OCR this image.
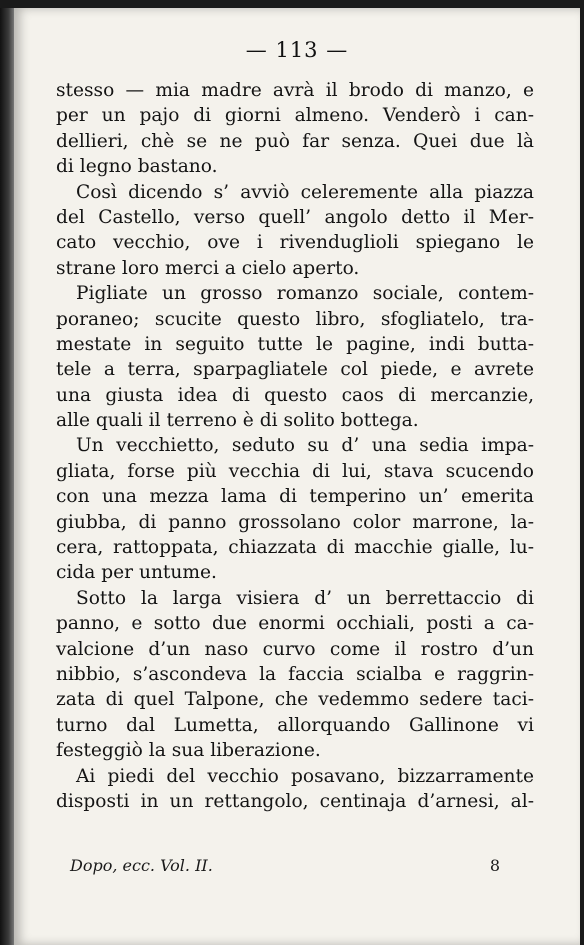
— 113 —
stesso — mia madre avrà il brodo di manzo, e
per un pajo di giorni almeno. Venderò i can-
dellieri, chè se ne può far senza. Quei due là
di legno bastano.
Così dicendo s’ avviò celeremente alla piazza
del Castello, verso quell’ angolo detto il Mer-
cato vecchio, ove i rivenduglioli spiegano le
strane loro merci a cielo aperto.
Pigliate un grosso romanzo sociale, contem-
poraneo; scucite questo libro, sfogliatelo, tra-
mestate in seguito tutte le pagine, indi butta-
tele a terra, sparpagliatele col piede, e avrete
una giusta idea di questo caos di mercanzie,
alle quali il terreno è di solito bottega.
Un vecchietto, seduto su d’ una sedia impa-
gliata, forse più vecchia di lui, stava scucendo
con una mezza lama di temperino un’ emerita
giubba, di panno grossolano color marrone, la-
cera, rattoppata, chiazzata di macchie gialle, lu-
cida per untume.
Sotto la larga visiera d’ un berrettaccio di
panno, e sotto due enormi occhiali, posti a ca-
valcione d’un naso curvo come il rostro d’un
nibbio, s’ascondeva la faccia scialba e raggrin-
zata di quel Talpone, che vedemmo sedere taci-
turno dal Lumetta, allorquando Gallinone vi
festeggiò la sua liberazione.
Ai piedi del vecchio posavano, bizzarramente
disposti in un rettangolo, centinaja d’arnesi, al-
Dopo, ecc. Vol. II.	8
